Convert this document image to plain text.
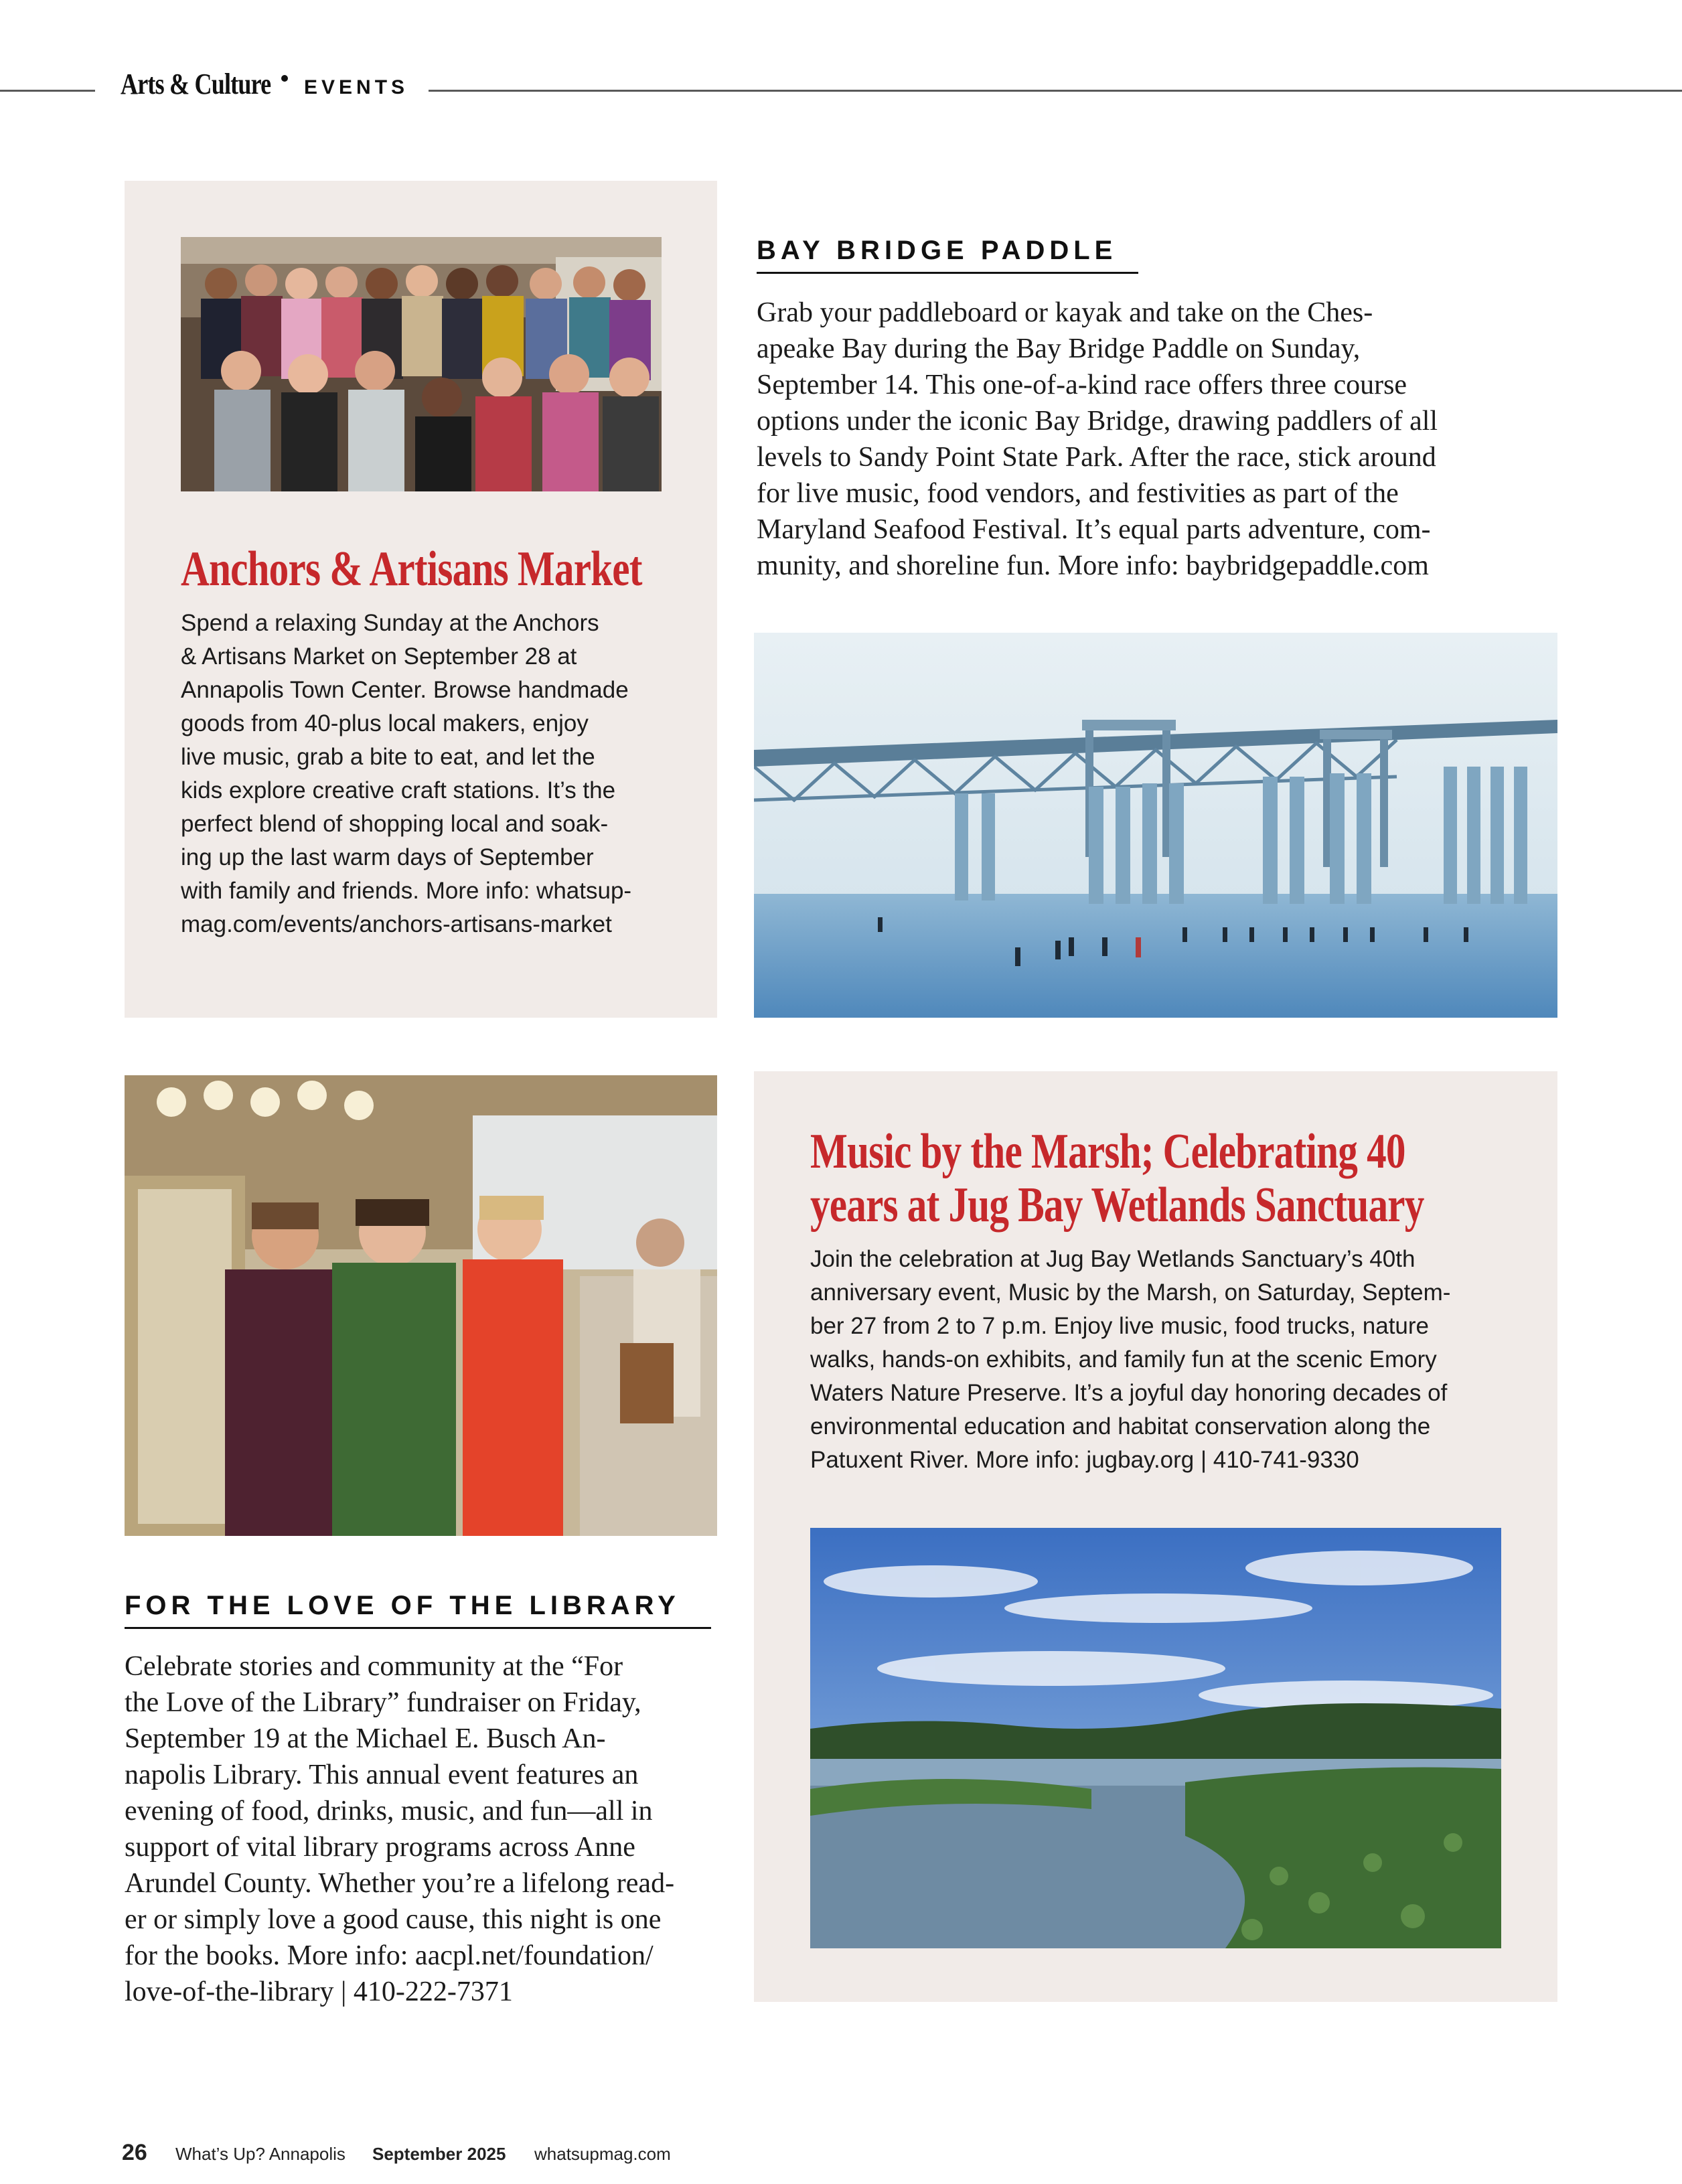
Arts & Culture EVENTS
Anchors & Artisans Market
Spend a relaxing Sunday at the Anchors
& Artisans Market on September 28 at
Annapolis Town Center. Browse handmade
goods from 40-plus local makers, enjoy
live music, grab a bite to eat, and let the
kids explore creative craft stations. It’s the
perfect blend of shopping local and soak-
ing up the last warm days of September
with family and friends. More info: whatsup-
mag.com/events/anchors-artisans-market
BAY BRIDGE PADDLE
Grab your paddleboard or kayak and take on the Ches-
apeake Bay during the Bay Bridge Paddle on Sunday,
September 14. This one-of-a-kind race offers three course
options under the iconic Bay Bridge, drawing paddlers of all
levels to Sandy Point State Park. After the race, stick around
for live music, food vendors, and festivities as part of the
Maryland Seafood Festival. It’s equal parts adventure, com-
munity, and shoreline fun. More info: baybridgepaddle.com
FOR THE LOVE OF THE LIBRARY
Celebrate stories and community at the “For
the Love of the Library” fundraiser on Friday,
September 19 at the Michael E. Busch An-
napolis Library. This annual event features an
evening of food, drinks, music, and fun—all in
support of vital library programs across Anne
Arundel County. Whether you’re a lifelong read-
er or simply love a good cause, this night is one
for the books. More info: aacpl.net/foundation/
love-of-the-library | 410-222-7371
Music by the Marsh; Celebrating 40
years at Jug Bay Wetlands Sanctuary
Join the celebration at Jug Bay Wetlands Sanctuary’s 40th
anniversary event, Music by the Marsh, on Saturday, Septem-
ber 27 from 2 to 7 p.m. Enjoy live music, food trucks, nature
walks, hands-on exhibits, and family fun at the scenic Emory
Waters Nature Preserve. It’s a joyful day honoring decades of
environmental education and habitat conservation along the
Patuxent River. More info: jugbay.org | 410-741-9330
26 What’s Up? Annapolis September 2025 whatsupmag.com
